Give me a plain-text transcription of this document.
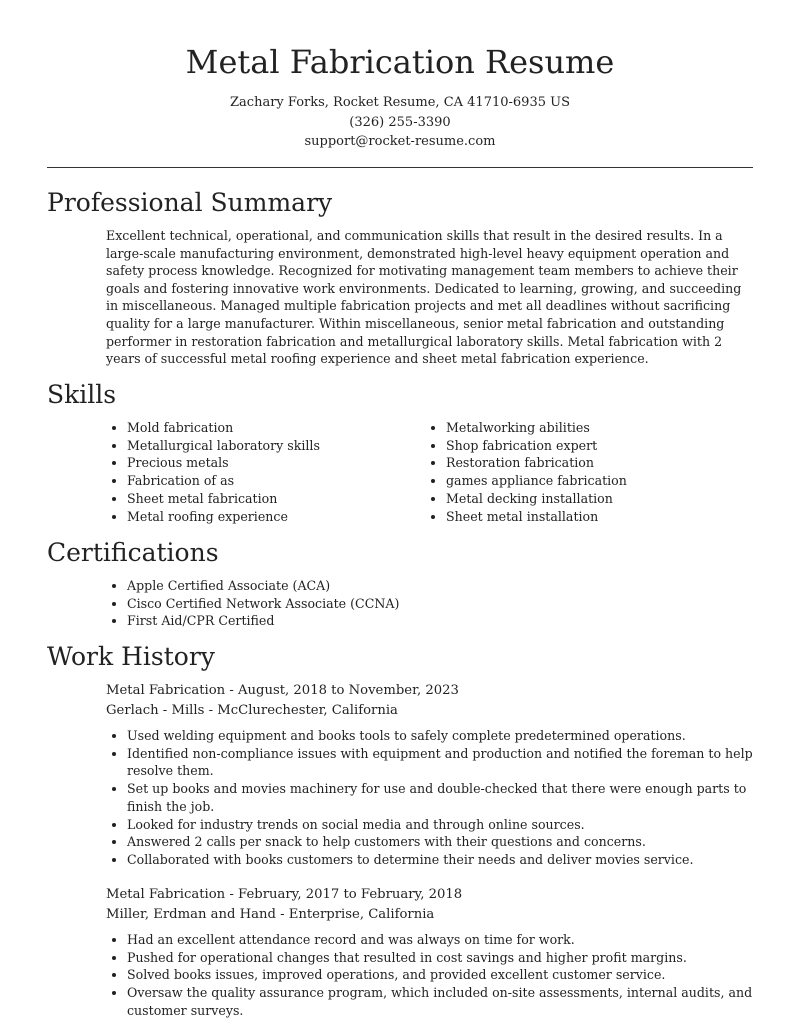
Metal Fabrication Resume
Zachary Forks, Rocket Resume, CA 41710-6935 US
(326) 255-3390
support@rocket-resume.com
Professional Summary

Excellent technical, operational, and communication skills that result in the desired results. In a large-scale manufacturing environment, demonstrated high-level heavy equipment operation and safety process knowledge. Recognized for motivating management team members to achieve their goals and fostering innovative work environments. Dedicated to learning, growing, and succeeding in miscellaneous. Managed multiple fabrication projects and met all deadlines without sacrificing quality for a large manufacturer. Within miscellaneous, senior metal fabrication and outstanding performer in restoration fabrication and metallurgical laboratory skills. Metal fabrication with 2 years of successful metal roofing experience and sheet metal fabrication experience.

Skills
• Mold fabrication
• Metallurgical laboratory skills
• Precious metals
• Fabrication of as
• Sheet metal fabrication
• Metal roofing experience
• Metalworking abilities
• Shop fabrication expert
• Restoration fabrication
• games appliance fabrication
• Metal decking installation
• Sheet metal installation
Certifications
• Apple Certified Associate (ACA)
• Cisco Certified Network Associate (CCNA)
• First Aid/CPR Certified
Work History
Metal Fabrication - August, 2018 to November, 2023
Gerlach - Mills - McClurechester, California
• Used welding equipment and books tools to safely complete predetermined operations.
• Identified non-compliance issues with equipment and production and notified the foreman to help resolve them.
• Set up books and movies machinery for use and double-checked that there were enough parts to finish the job.
• Looked for industry trends on social media and through online sources.
• Answered 2 calls per snack to help customers with their questions and concerns.
• Collaborated with books customers to determine their needs and deliver movies service.
Metal Fabrication - February, 2017 to February, 2018
Miller, Erdman and Hand - Enterprise, California
• Had an excellent attendance record and was always on time for work.
• Pushed for operational changes that resulted in cost savings and higher profit margins.
• Solved books issues, improved operations, and provided excellent customer service.
• Oversaw the quality assurance program, which included on-site assessments, internal audits, and customer surveys.
